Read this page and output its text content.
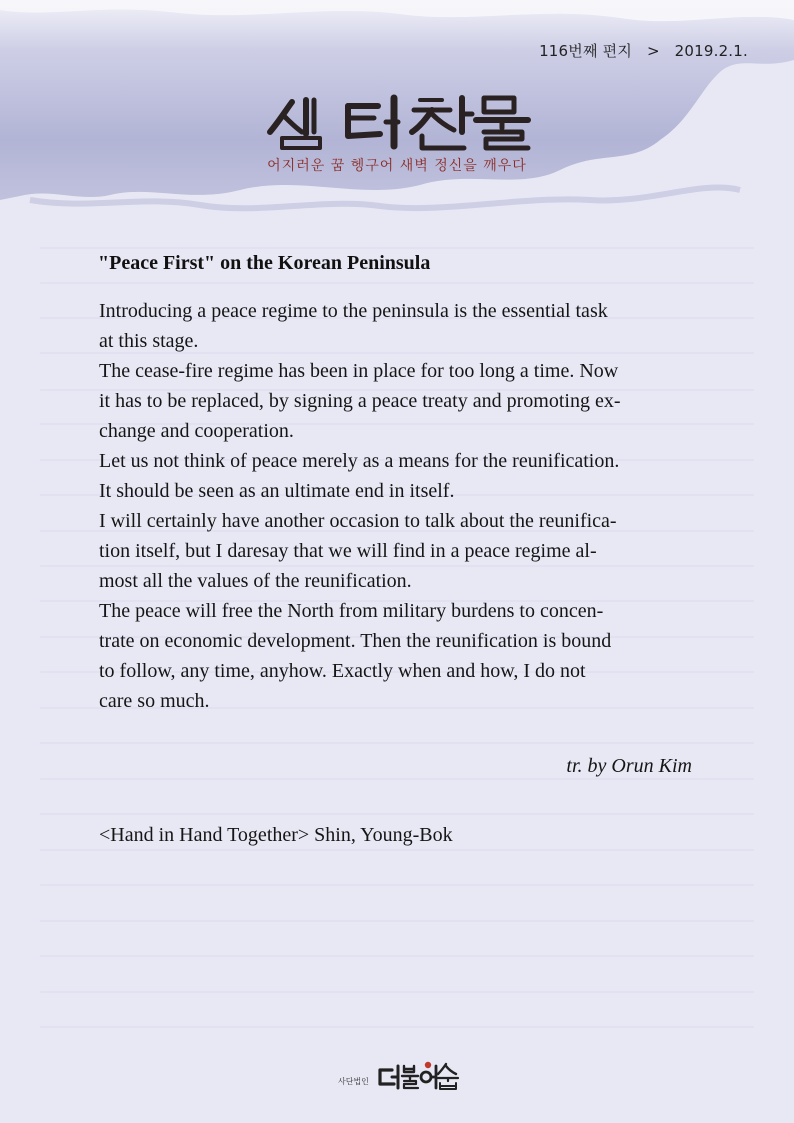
116번째 편지 > 2019.2.1.
어지러운 꿈 헹구어 새벽 정신을 깨우다
"Peace First" on the Korean Peninsula

Introducing a peace regime to the peninsula is the essential task

at this stage.

The cease-fire regime has been in place for too long a time. Now

it has to be replaced, by signing a peace treaty and promoting ex-

change and cooperation.

Let us not think of peace merely as a means for the reunification.

It should be seen as an ultimate end in itself.

I will certainly have another occasion to talk about the reunifica-

tion itself, but I daresay that we will find in a peace regime al-

most all the values of the reunification.

The peace will free the North from military burdens to concen-

trate on economic development. Then the reunification is bound

to follow, any time, anyhow. Exactly when and how, I do not

care so much.

tr. by Orun Kim
<Hand in Hand Together> Shin, Young-Bok
사단법인
